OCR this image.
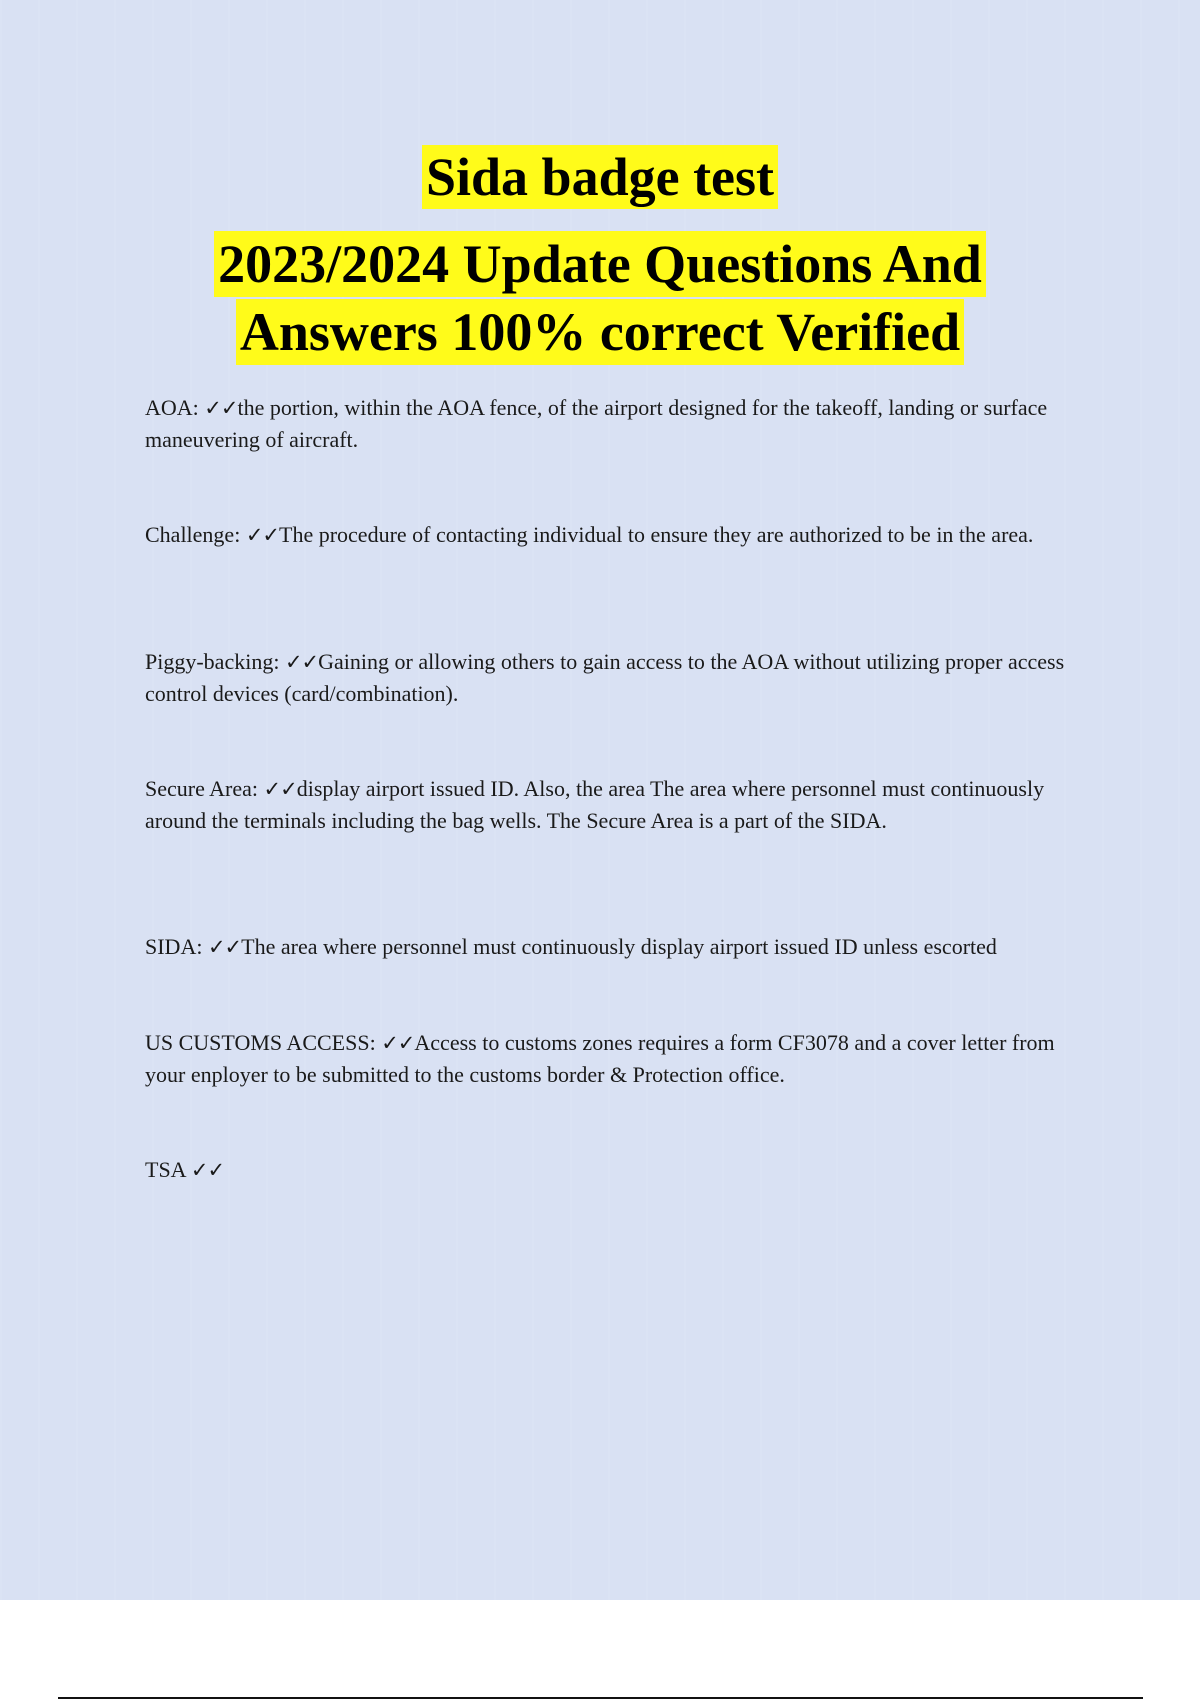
Sida badge test
2023/2024 Update Questions And
Answers 100% correct Verified

AOA: ✓✓the portion, within the AOA fence, of the airport designed for the takeoff, landing or surface maneuvering of aircraft.

Challenge: ✓✓The procedure of contacting individual to ensure they are authorized to be in the area.

Piggy-backing: ✓✓Gaining or allowing others to gain access to the AOA without utilizing proper access control devices (card/combination).

Secure Area: ✓✓display airport issued ID. Also, the area The area where personnel must continuously around the terminals including the bag wells. The Secure Area is a part of the SIDA.

SIDA: ✓✓The area where personnel must continuously display airport issued ID unless escorted

US CUSTOMS ACCESS: ✓✓Access to customs zones requires a form CF3078 and a cover letter from your enployer to be submitted to the customs border & Protection office.

TSA ✓✓
